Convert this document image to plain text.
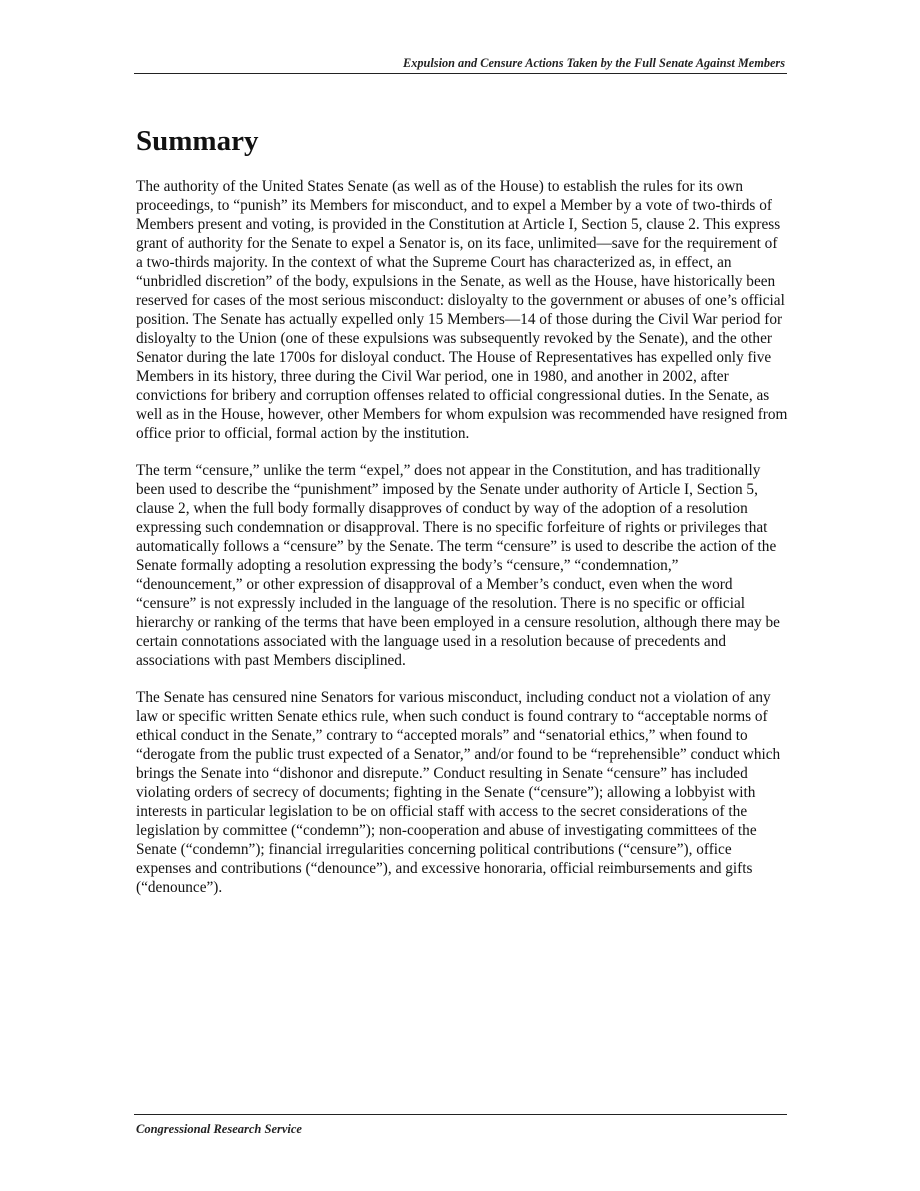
Expulsion and Censure Actions Taken by the Full Senate Against Members
Summary

The authority of the United States Senate (as well as of the House) to establish the rules for its own proceedings, to “punish” its Members for misconduct, and to expel a Member by a vote of two-thirds of Members present and voting, is provided in the Constitution at Article I, Section 5, clause 2. This express grant of authority for the Senate to expel a Senator is, on its face, unlimited—save for the requirement of a two-thirds majority. In the context of what the Supreme Court has characterized as, in effect, an “unbridled discretion” of the body, expulsions in the Senate, as well as the House, have historically been reserved for cases of the most serious misconduct: disloyalty to the government or abuses of one’s official position. The Senate has actually expelled only 15 Members—14 of those during the Civil War period for disloyalty to the Union (one of these expulsions was subsequently revoked by the Senate), and the other Senator during the late 1700s for disloyal conduct. The House of Representatives has expelled only five Members in its history, three during the Civil War period, one in 1980, and another in 2002, after convictions for bribery and corruption offenses related to official congressional duties. In the Senate, as well as in the House, however, other Members for whom expulsion was recommended have resigned from office prior to official, formal action by the institution.

The term “censure,” unlike the term “expel,” does not appear in the Constitution, and has traditionally been used to describe the “punishment” imposed by the Senate under authority of Article I, Section 5, clause 2, when the full body formally disapproves of conduct by way of the adoption of a resolution expressing such condemnation or disapproval. There is no specific forfeiture of rights or privileges that automatically follows a “censure” by the Senate. The term “censure” is used to describe the action of the Senate formally adopting a resolution expressing the body’s “censure,” “condemnation,” “denouncement,” or other expression of disapproval of a Member’s conduct, even when the word “censure” is not expressly included in the language of the resolution. There is no specific or official hierarchy or ranking of the terms that have been employed in a censure resolution, although there may be certain connotations associated with the language used in a resolution because of precedents and associations with past Members disciplined.

The Senate has censured nine Senators for various misconduct, including conduct not a violation of any law or specific written Senate ethics rule, when such conduct is found contrary to “acceptable norms of ethical conduct in the Senate,” contrary to “accepted morals” and “senatorial ethics,” when found to “derogate from the public trust expected of a Senator,” and/or found to be “reprehensible” conduct which brings the Senate into “dishonor and disrepute.” Conduct resulting in Senate “censure” has included violating orders of secrecy of documents; fighting in the Senate (“censure”); allowing a lobbyist with interests in particular legislation to be on official staff with access to the secret considerations of the legislation by committee (“condemn”); non-cooperation and abuse of investigating committees of the Senate (“condemn”); financial irregularities concerning political contributions (“censure”), office expenses and contributions (“denounce”), and excessive honoraria, official reimbursements and gifts (“denounce”).

Congressional Research Service
